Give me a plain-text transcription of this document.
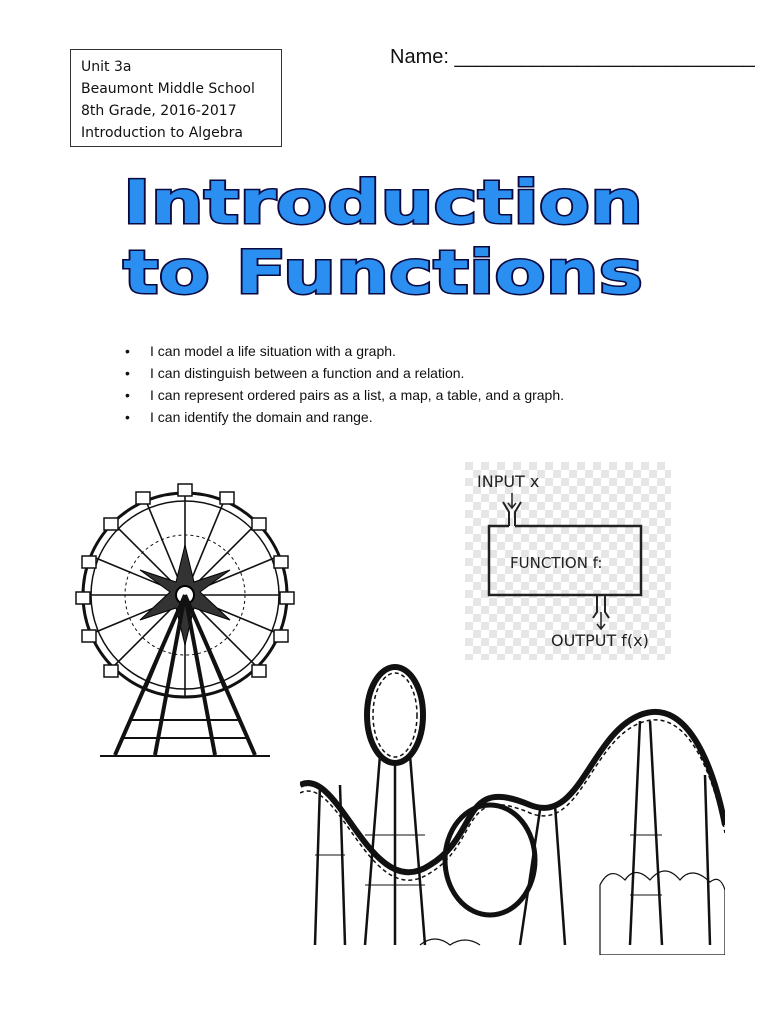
Unit 3a
Beaumont Middle School
8th Grade, 2016-2017
Introduction to Algebra
Name: ___________________________
Introduction
to Functions
• I can model a life situation with a graph.
• I can distinguish between a function and a relation.
• I can represent ordered pairs as a list, a map, a table, and a graph.
• I can identify the domain and range.
INPUT x
FUNCTION f:
OUTPUT f(x)
